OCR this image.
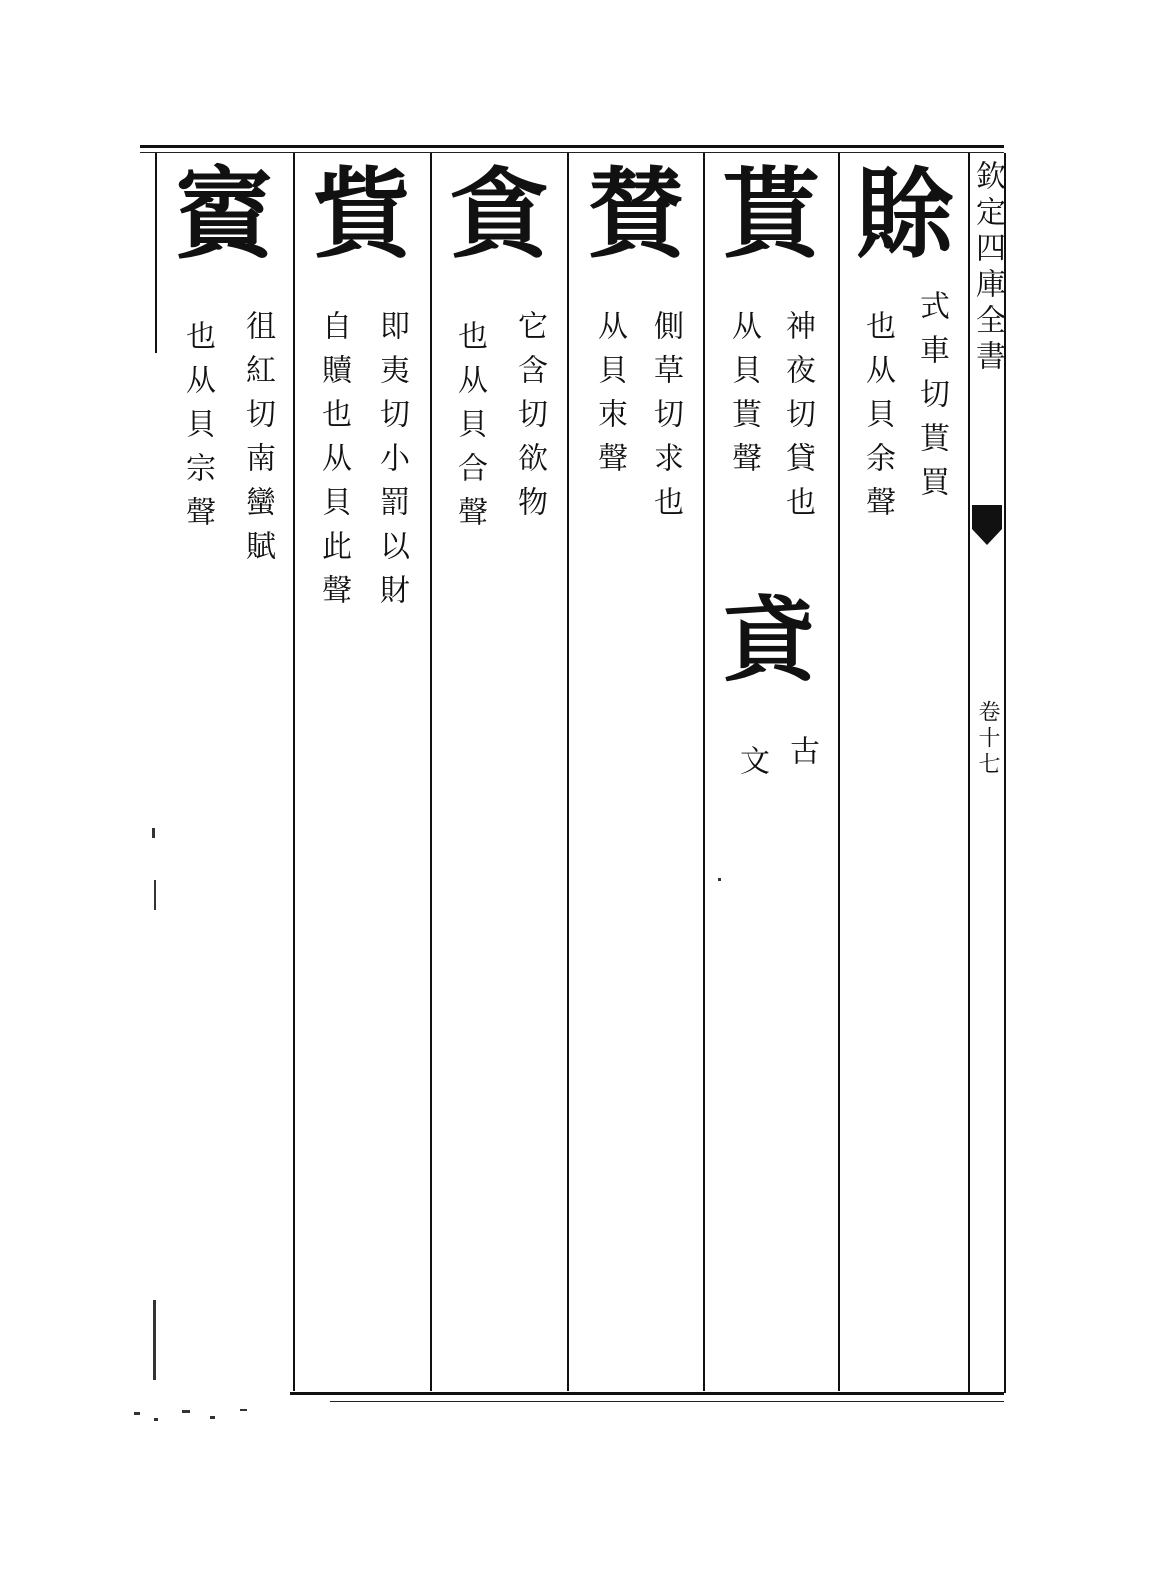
欽定四庫全書
卷十七
賖
式車切貰買
也从貝余聲
貰
神夜切貸也
从貝貰聲
貣
古
文
賛
側草切求也
从貝朿聲
貪
它含切欲物
也从貝合聲
貲
即夷切小罰以財
自贖也从貝此聲
賨
徂紅切南蠻賦
也从貝宗聲
